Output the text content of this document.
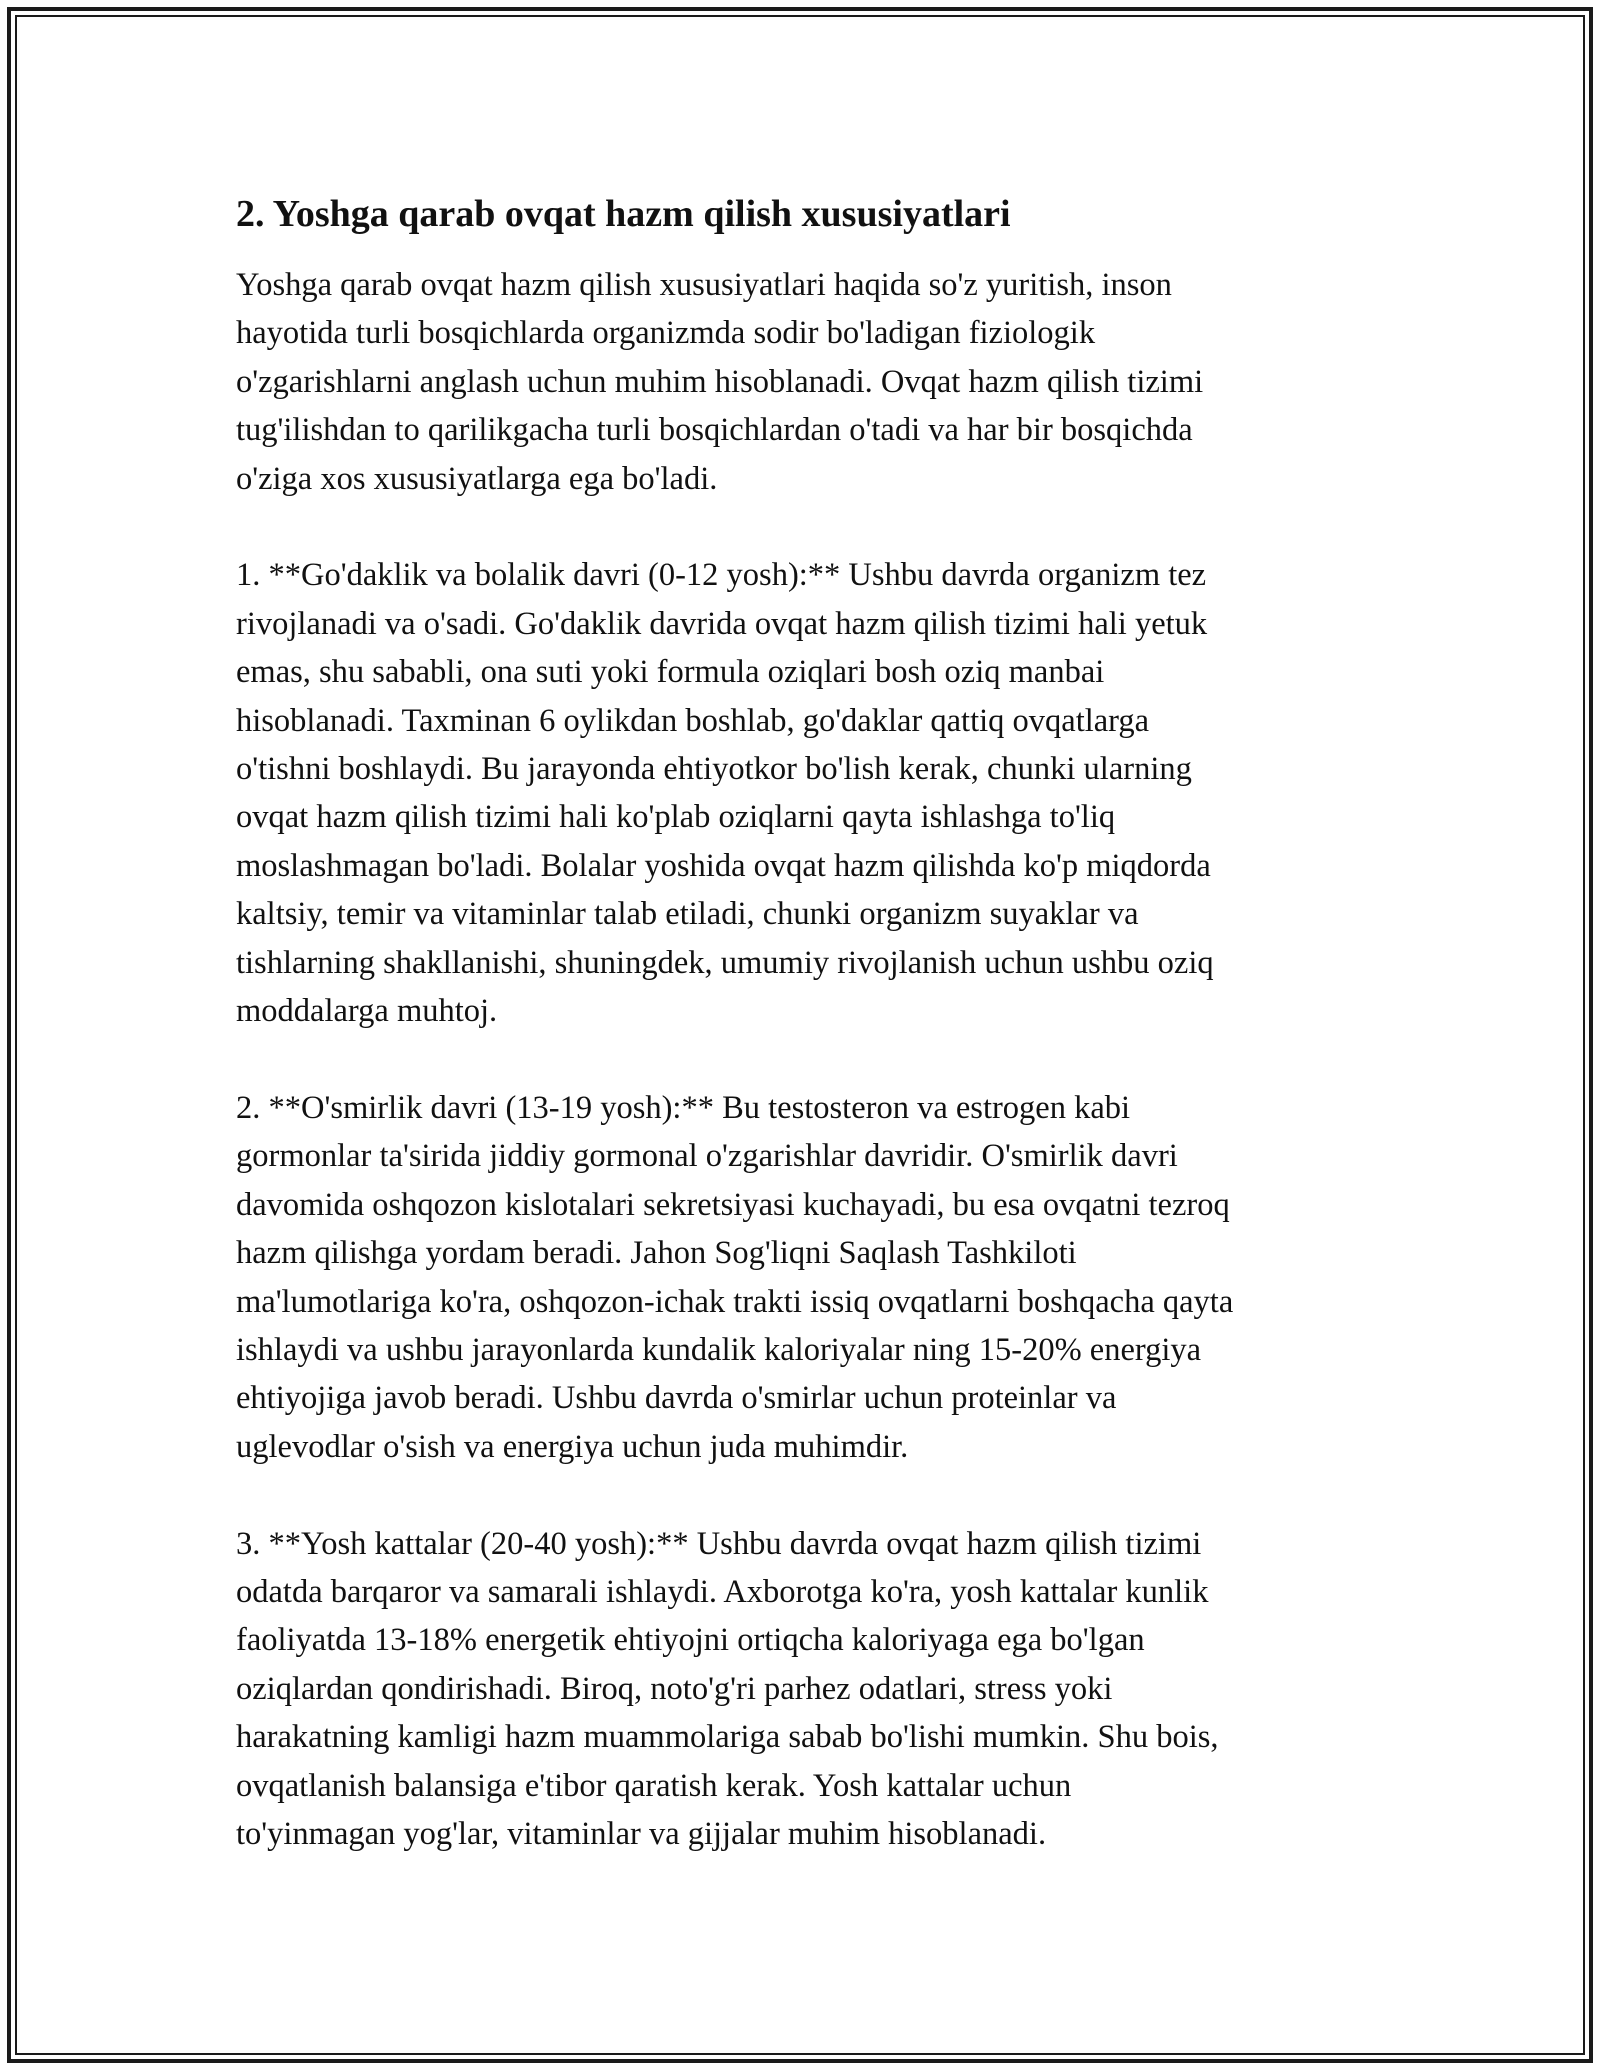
2. Yoshga qarab ovqat hazm qilish xususiyatlari

Yoshga qarab ovqat hazm qilish xususiyatlari haqida so'z yuritish, inson
hayotida turli bosqichlarda organizmda sodir bo'ladigan fiziologik
o'zgarishlarni anglash uchun muhim hisoblanadi. Ovqat hazm qilish tizimi
tug'ilishdan to qarilikgacha turli bosqichlardan o'tadi va har bir bosqichda
o'ziga xos xususiyatlarga ega bo'ladi.

1. **Go'daklik va bolalik davri (0-12 yosh):** Ushbu davrda organizm tez
rivojlanadi va o'sadi. Go'daklik davrida ovqat hazm qilish tizimi hali yetuk
emas, shu sababli, ona suti yoki formula oziqlari bosh oziq manbai
hisoblanadi. Taxminan 6 oylikdan boshlab, go'daklar qattiq ovqatlarga
o'tishni boshlaydi. Bu jarayonda ehtiyotkor bo'lish kerak, chunki ularning
ovqat hazm qilish tizimi hali ko'plab oziqlarni qayta ishlashga to'liq
moslashmagan bo'ladi. Bolalar yoshida ovqat hazm qilishda ko'p miqdorda
kaltsiy, temir va vitaminlar talab etiladi, chunki organizm suyaklar va
tishlarning shakllanishi, shuningdek, umumiy rivojlanish uchun ushbu oziq
moddalarga muhtoj.

2. **O'smirlik davri (13-19 yosh):** Bu testosteron va estrogen kabi
gormonlar ta'sirida jiddiy gormonal o'zgarishlar davridir. O'smirlik davri
davomida oshqozon kislotalari sekretsiyasi kuchayadi, bu esa ovqatni tezroq
hazm qilishga yordam beradi. Jahon Sog'liqni Saqlash Tashkiloti
ma'lumotlariga ko'ra, oshqozon-ichak trakti issiq ovqatlarni boshqacha qayta
ishlaydi va ushbu jarayonlarda kundalik kaloriyalar ning 15-20% energiya
ehtiyojiga javob beradi. Ushbu davrda o'smirlar uchun proteinlar va
uglevodlar o'sish va energiya uchun juda muhimdir.

3. **Yosh kattalar (20-40 yosh):** Ushbu davrda ovqat hazm qilish tizimi
odatda barqaror va samarali ishlaydi. Axborotga ko'ra, yosh kattalar kunlik
faoliyatda 13-18% energetik ehtiyojni ortiqcha kaloriyaga ega bo'lgan
oziqlardan qondirishadi. Biroq, noto'g'ri parhez odatlari, stress yoki
harakatning kamligi hazm muammolariga sabab bo'lishi mumkin. Shu bois,
ovqatlanish balansiga e'tibor qaratish kerak. Yosh kattalar uchun
to'yinmagan yog'lar, vitaminlar va gijjalar muhim hisoblanadi.
